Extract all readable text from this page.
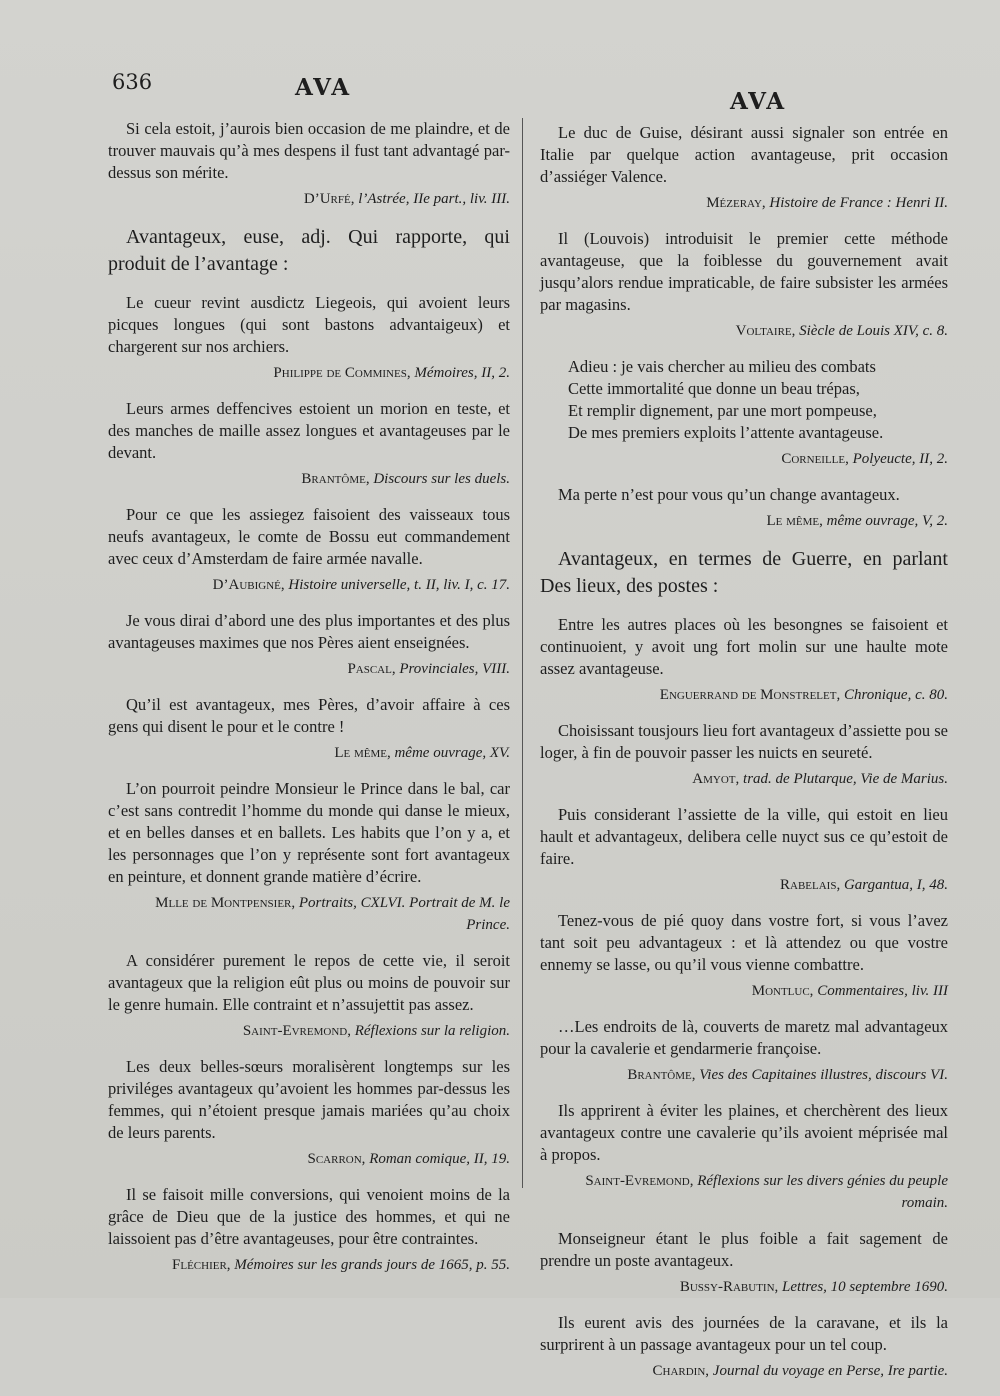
636	AVA
AVA

Si cela estoit, j’aurois bien occasion de me plaindre, et de trouver mauvais qu’à mes despens il fust tant advantagé par-dessus son mérite.

D’Urfé, l’Astrée, IIe part., liv. III.

Avantageux, euse, adj. Qui rapporte, qui produit de l’avantage :

Le cueur revint ausdictz Liegeois, qui avoient leurs picques longues (qui sont bastons advantaigeux) et chargerent sur nos archiers.

Philippe de Commines, Mémoires, II, 2.

Leurs armes deffencives estoient un morion en teste, et des manches de maille assez longues et avantageuses par le devant.

Brantôme, Discours sur les duels.

Pour ce que les assiegez faisoient des vaisseaux tous neufs avantageux, le comte de Bossu eut commandement avec ceux d’Amsterdam de faire armée navalle.

D’Aubigné, Histoire universelle, t. II, liv. I, c. 17.

Je vous dirai d’abord une des plus importantes et des plus avantageuses maximes que nos Pères aient enseignées.

Pascal, Provinciales, VIII.

Qu’il est avantageux, mes Pères, d’avoir affaire à ces gens qui disent le pour et le contre !

Le même, même ouvrage, XV.

L’on pourroit peindre Monsieur le Prince dans le bal, car c’est sans contredit l’homme du monde qui danse le mieux, et en belles danses et en ballets. Les habits que l’on y a, et les personnages que l’on y représente sont fort avantageux en peinture, et donnent grande matière d’écrire.

Mlle de Montpensier, Portraits, CXLVI. Portrait de M. le Prince.

A considérer purement le repos de cette vie, il seroit avantageux que la religion eût plus ou moins de pouvoir sur le genre humain. Elle contraint et n’assujettit pas assez.

Saint-Evremond, Réflexions sur la religion.

Les deux belles-sœurs moralisèrent longtemps sur les priviléges avantageux qu’avoient les hommes par-dessus les femmes, qui n’étoient presque jamais mariées qu’au choix de leurs parents.

Scarron, Roman comique, II, 19.

Il se faisoit mille conversions, qui venoient moins de la grâce de Dieu que de la justice des hommes, et qui ne laissoient pas d’être avantageuses, pour être contraintes.

Fléchier, Mémoires sur les grands jours de 1665, p. 55.

Le duc de Guise, désirant aussi signaler son entrée en Italie par quelque action avantageuse, prit occasion d’assiéger Valence.

Mézeray, Histoire de France : Henri II.

Il (Louvois) introduisit le premier cette méthode avantageuse, que la foiblesse du gouvernement avait jusqu’alors rendue impraticable, de faire subsister les armées par magasins.

Voltaire, Siècle de Louis XIV, c. 8.
Adieu : je vais chercher au milieu des combats
Cette immortalité que donne un beau trépas,
Et remplir dignement, par une mort pompeuse,
De mes premiers exploits l’attente avantageuse.
Corneille, Polyeucte, II, 2.

Ma perte n’est pour vous qu’un change avantageux.

Le même, même ouvrage, V, 2.

Avantageux, en termes de Guerre, en parlant Des lieux, des postes :

Entre les autres places où les besongnes se faisoient et continuoient, y avoit ung fort molin sur une haulte mote assez avantageuse.

Enguerrand de Monstrelet, Chronique, c. 80.

Choisissant tousjours lieu fort avantageux d’assiette pou se loger, à fin de pouvoir passer les nuicts en seureté.

Amyot, trad. de Plutarque, Vie de Marius.

Puis considerant l’assiette de la ville, qui estoit en lieu hault et advantageux, delibera celle nuyct sus ce qu’estoit de faire.

Rabelais, Gargantua, I, 48.

Tenez-vous de pié quoy dans vostre fort, si vous l’avez tant soit peu advantageux : et là attendez ou que vostre ennemy se lasse, ou qu’il vous vienne combattre.

Montluc, Commentaires, liv. III

…Les endroits de là, couverts de maretz mal advantageux pour la cavalerie et gendarmerie françoise.

Brantôme, Vies des Capitaines illustres, discours VI.

Ils apprirent à éviter les plaines, et cherchèrent des lieux avantageux contre une cavalerie qu’ils avoient méprisée mal à propos.

Saint-Evremond, Réflexions sur les divers génies du peuple romain.

Monseigneur étant le plus foible a fait sagement de prendre un poste avantageux.

Bussy-Rabutin, Lettres, 10 septembre 1690.

Ils eurent avis des journées de la caravane, et ils la surprirent à un passage avantageux pour un tel coup.

Chardin, Journal du voyage en Perse, Ire partie.
